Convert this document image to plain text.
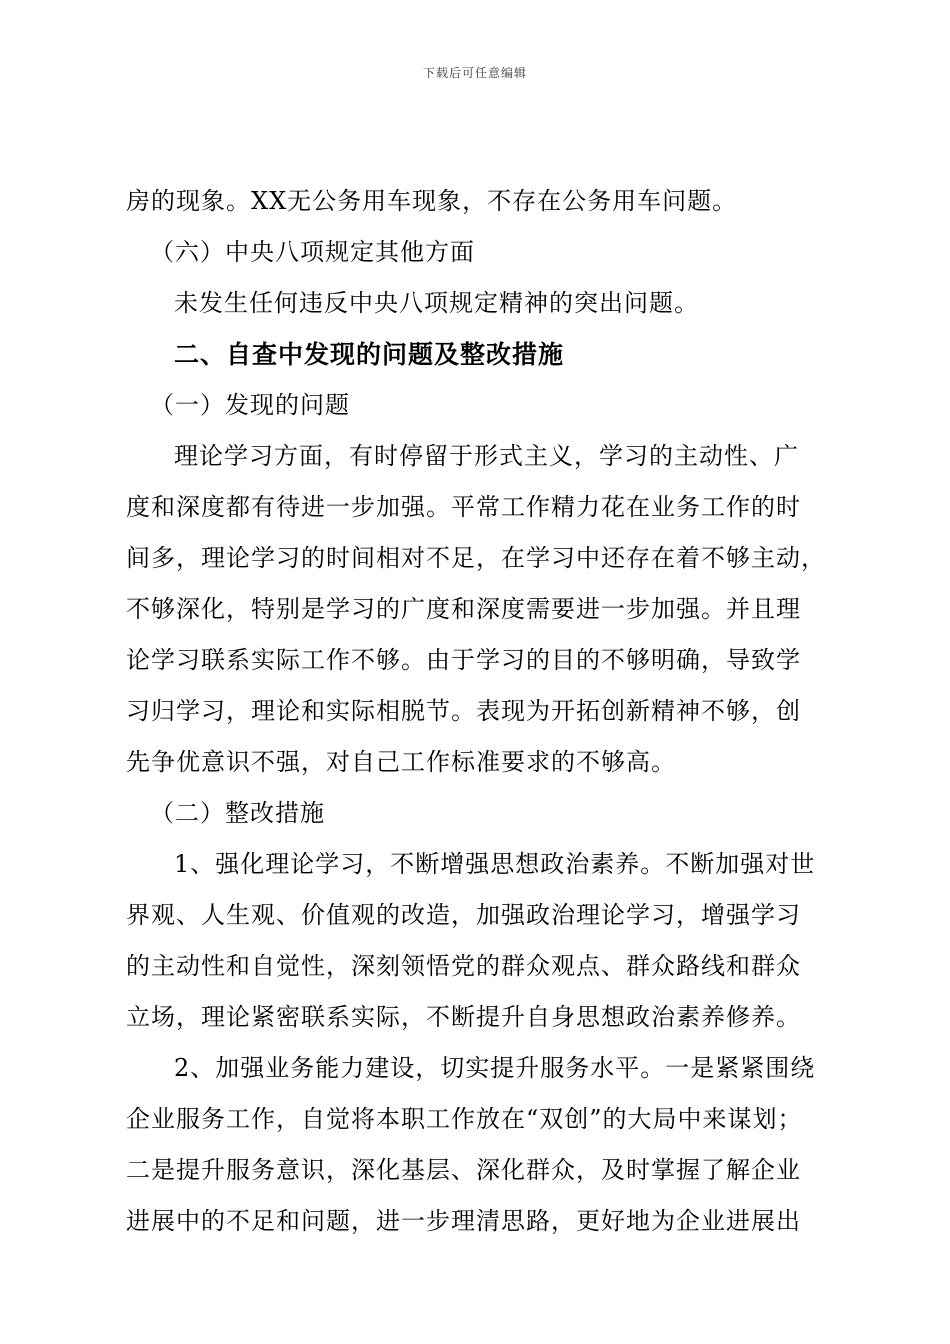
下载后可任意编辑
房的现象。XX无公务用车现象，不存在公务用车问题。
（六）中央八项规定其他方面
未发生任何违反中央八项规定精神的突出问题。
二、自查中发现的问题及整改措施
（一）发现的问题
理论学习方面，有时停留于形式主义，学习的主动性、广
度和深度都有待进一步加强。平常工作精力花在业务工作的时
间多，理论学习的时间相对不足，在学习中还存在着不够主动，
不够深化，特别是学习的广度和深度需要进一步加强。并且理
论学习联系实际工作不够。由于学习的目的不够明确，导致学
习归学习，理论和实际相脱节。表现为开拓创新精神不够，创
先争优意识不强，对自己工作标准要求的不够高。
（二）整改措施
1、强化理论学习，不断增强思想政治素养。不断加强对世
界观、人生观、价值观的改造，加强政治理论学习，增强学习
的主动性和自觉性，深刻领悟党的群众观点、群众路线和群众
立场，理论紧密联系实际，不断提升自身思想政治素养修养。
2、加强业务能力建设，切实提升服务水平。一是紧紧围绕
企业服务工作，自觉将本职工作放在“双创”的大局中来谋划；
二是提升服务意识，深化基层、深化群众，及时掌握了解企业
进展中的不足和问题，进一步理清思路，更好地为企业进展出
